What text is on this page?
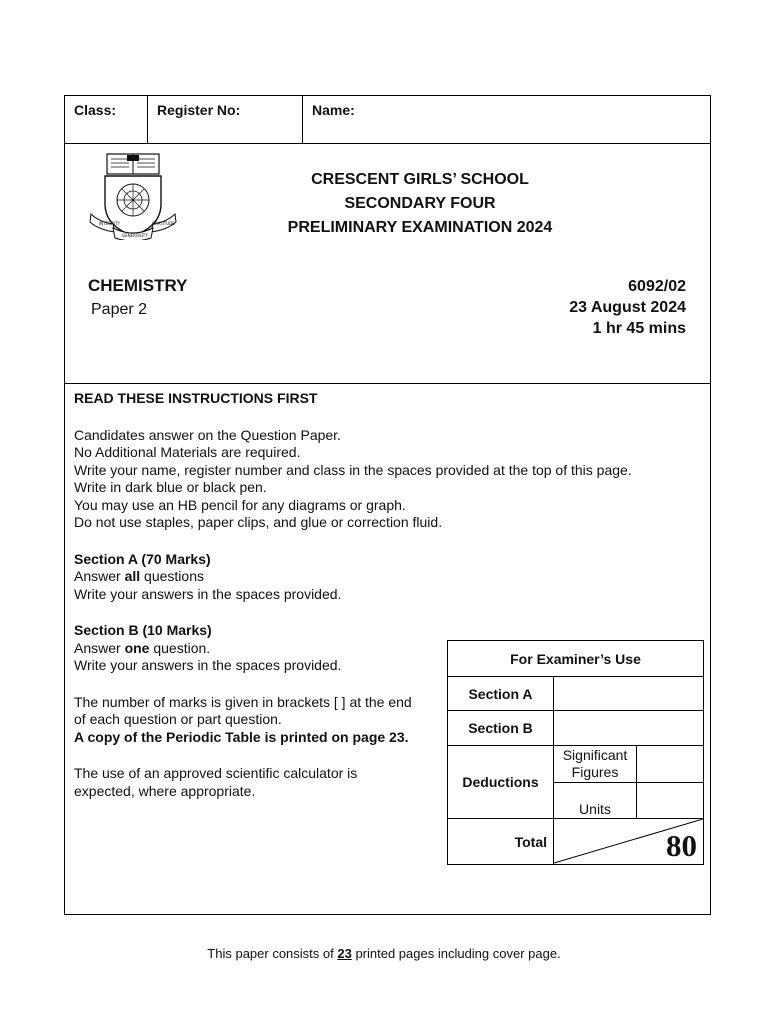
Class:	Register No:	Name:
INTEGRITY	GRATITUDE
GENEROSITY
CRESCENT GIRLS’ SCHOOL
SECONDARY FOUR
PRELIMINARY EXAMINATION 2024
CHEMISTRY
Paper 2
6092/02
23 August 2024
1 hr 45 mins

READ THESE INSTRUCTIONS FIRST

Candidates answer on the Question Paper.

No Additional Materials are required.

Write your name, register number and class in the spaces provided at the top of this page.

Write in dark blue or black pen.

You may use an HB pencil for any diagrams or graph.

Do not use staples, paper clips, and glue or correction fluid.

Section A (70 Marks)

Answer all questions

Write your answers in the spaces provided.

Section B (10 Marks)

Answer one question.

Write your answers in the spaces provided.

The number of marks is given in brackets [ ] at the end

of each question or part question.

A copy of the Periodic Table is printed on page 23.

The use of an approved scientific calculator is

expected, where appropriate.

For Examiner’s Use		
Section A		
Section B		
Deductions	Significant
Figures	

	Units	
Total	80	
This paper consists of 23 printed pages including cover page.
